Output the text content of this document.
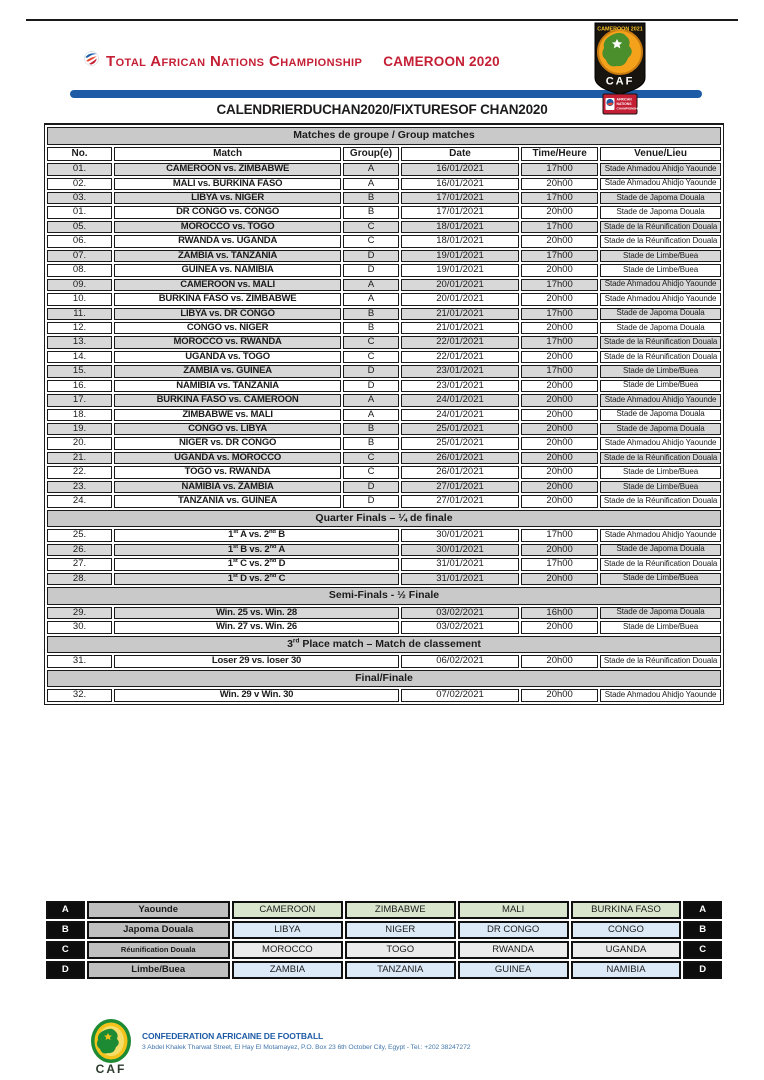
Total African Nations Championship CAMEROON 2020
CAMEROON 2021
CAF
AFRICAN
NATIONS
CHAMPIONSHIP
CALENDRIERDUCHAN2020/FIXTURESOF CHAN2020
Matches de groupe / Group matches					
No.	Match	Group(e)	Date	Time/Heure	Venue/Lieu
01.	CAMEROON vs. ZIMBABWE	A	16/01/2021	17h00	Stade Ahmadou Ahidjo Yaounde
02.	MALI vs. BURKINA FASO	A	16/01/2021	20h00	Stade Ahmadou Ahidjo Yaounde
03.	LIBYA vs. NIGER	B	17/01/2021	17h00	Stade de Japoma Douala
01.	DR CONGO vs. CONGO	B	17/01/2021	20h00	Stade de Japoma Douala
05.	MOROCCO vs. TOGO	C	18/01/2021	17h00	Stade de la Réunification Douala
06.	RWANDA vs. UGANDA	C	18/01/2021	20h00	Stade de la Réunification Douala
07.	ZAMBIA vs. TANZANIA	D	19/01/2021	17h00	Stade de Limbe/Buea
08.	GUINEA vs. NAMIBIA	D	19/01/2021	20h00	Stade de Limbe/Buea
09.	CAMEROON vs. MALI	A	20/01/2021	17h00	Stade Ahmadou Ahidjo Yaounde
10.	BURKINA FASO vs. ZIMBABWE	A	20/01/2021	20h00	Stade Ahmadou Ahidjo Yaounde
11.	LIBYA vs. DR CONGO	B	21/01/2021	17h00	Stade de Japoma Douala
12.	CONGO vs. NIGER	B	21/01/2021	20h00	Stade de Japoma Douala
13.	MOROCCO vs. RWANDA	C	22/01/2021	17h00	Stade de la Réunification Douala
14.	UGANDA vs. TOGO	C	22/01/2021	20h00	Stade de la Réunification Douala
15.	ZAMBIA vs. GUINEA	D	23/01/2021	17h00	Stade de Limbe/Buea
16.	NAMIBIA vs. TANZANIA	D	23/01/2021	20h00	Stade de Limbe/Buea
17.	BURKINA FASO vs. CAMEROON	A	24/01/2021	20h00	Stade Ahmadou Ahidjo Yaounde
18.	ZIMBABWE vs. MALI	A	24/01/2021	20h00	Stade de Japoma Douala
19.	CONGO vs. LIBYA	B	25/01/2021	20h00	Stade de Japoma Douala
20.	NIGER vs. DR CONGO	B	25/01/2021	20h00	Stade Ahmadou Ahidjo Yaounde
21.	UGANDA vs. MOROCCO	C	26/01/2021	20h00	Stade de la Réunification Douala
22.	TOGO vs. RWANDA	C	26/01/2021	20h00	Stade de Limbe/Buea
23.	NAMIBIA vs. ZAMBIA	D	27/01/2021	20h00	Stade de Limbe/Buea
24.	TANZANIA vs. GUINEA	D	27/01/2021	20h00	Stade de la Réunification Douala
Quarter Finals – ¼ de finale					
25.	1st A vs. 2nd B		30/01/2021	17h00	Stade Ahmadou Ahidjo Yaounde
26.	1st B vs. 2nd A		30/01/2021	20h00	Stade de Japoma Douala
27.	1st C vs. 2nd D		31/01/2021	17h00	Stade de la Réunification Douala
28.	1st D vs. 2nd C		31/01/2021	20h00	Stade de Limbe/Buea
Semi-Finals - ½ Finale					
29.	Win. 25 vs. Win. 28		03/02/2021	16h00	Stade de Japoma Douala
30.	Win. 27 vs. Win. 26		03/02/2021	20h00	Stade de Limbe/Buea
3rd Place match – Match de classement					
31.	Loser 29 vs. loser 30		06/02/2021	20h00	Stade de la Réunification Douala
Final/Finale					
32.	Win. 29 v Win. 30		07/02/2021	20h00	Stade Ahmadou Ahidjo Yaounde
A	Yaounde	CAMEROON	ZIMBABWE	MALI	BURKINA FASO	A
B	Japoma Douala	LIBYA	NIGER	DR CONGO	CONGO	B
C	Réunification Douala	MOROCCO	TOGO	RWANDA	UGANDA	C
D	Limbe/Buea	ZAMBIA	TANZANIA	GUINEA	NAMIBIA	D
CAF
CONFEDERATION AFRICAINE DE FOOTBALL
3 Abdel Khalek Tharwat Street, El Hay El Motamayez, P.O. Box 23 6th October City, Egypt - Tel.: +202 38247272
